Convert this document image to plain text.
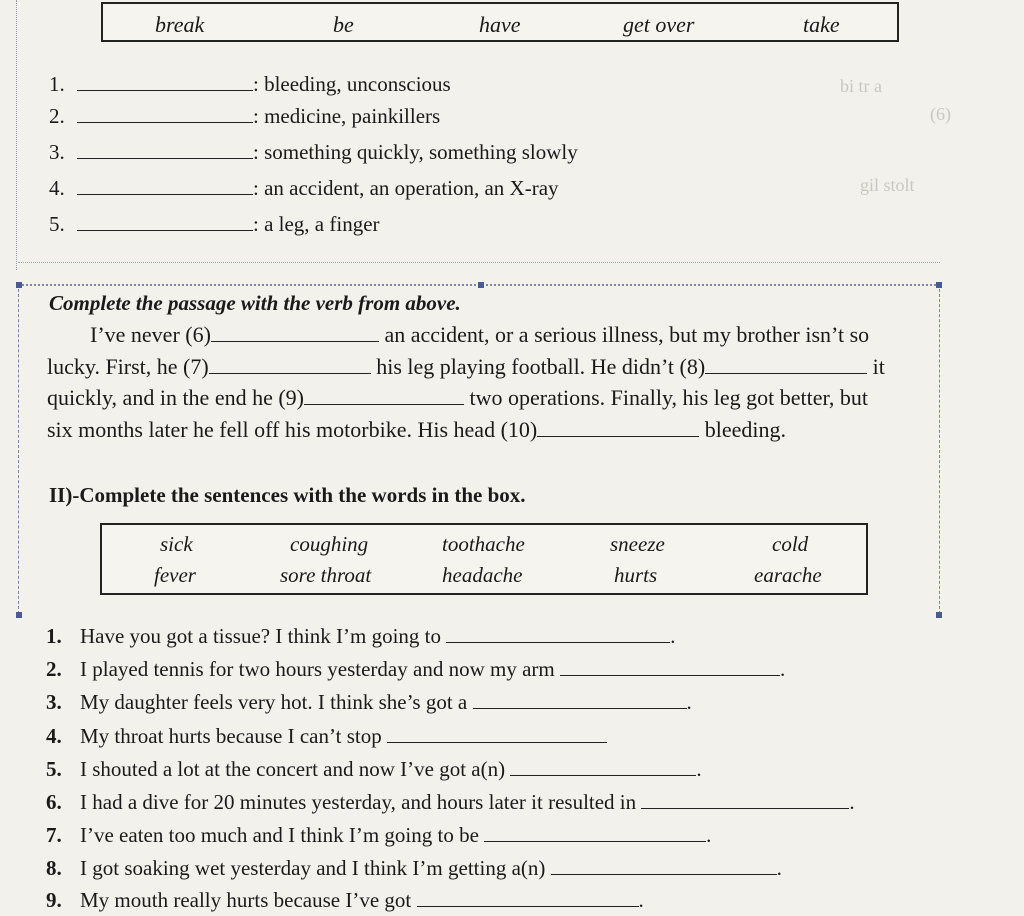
bi tr a
(6)
gil stolt
break	be	have	get over	take
1.	: bleeding, unconscious
2.	: medicine, painkillers
3.	: something quickly, something slowly
4.	: an accident, an operation, an X-ray
5.	: a leg, a finger
Complete the passage with the verb from above.
I’ve never (6)	an accident, or a serious illness, but my brother isn’t so
lucky. First, he (7)	his leg playing football. He didn’t (8)	it
quickly, and in the end he (9)	two operations. Finally, his leg got better, but
six months later he fell off his motorbike. His head (10)	bleeding.
II)-Complete the sentences with the words in the box.
sick	coughing	toothache	sneeze	cold
fever	sore throat	headache	hurts	earache
1. Have you got a tissue? I think I’m going to	.
2. I played tennis for two hours yesterday and now my arm	.
3. My daughter feels very hot. I think she’s got a	.
4. My throat hurts because I can’t stop
5. I shouted a lot at the concert and now I’ve got a(n)	.
6. I had a dive for 20 minutes yesterday, and hours later it resulted in	.
7. I’ve eaten too much and I think I’m going to be	.
8. I got soaking wet yesterday and I think I’m getting a(n)	.
9. My mouth really hurts because I’ve got	.
